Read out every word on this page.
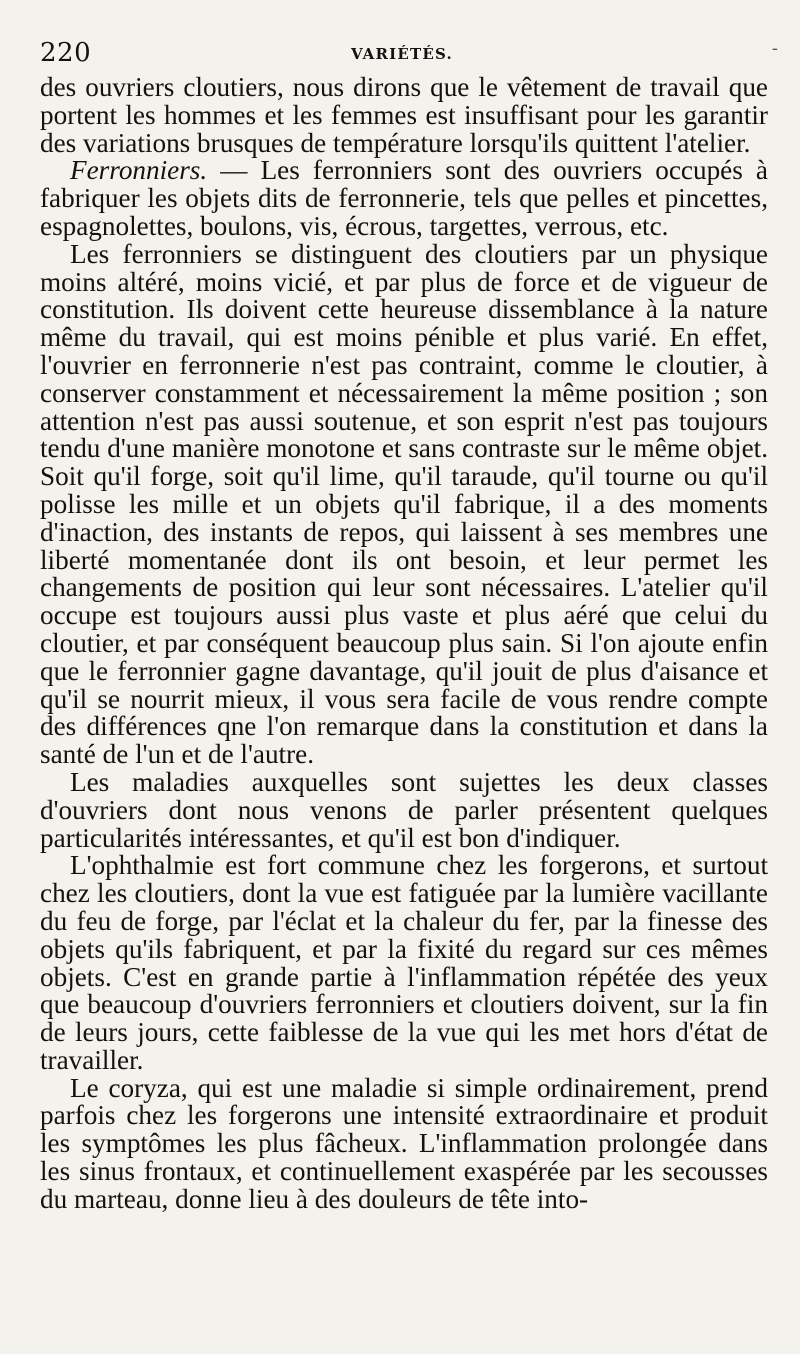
220	VARIÉTÉS.	-

des ouvriers cloutiers, nous dirons que le vêtement de travail que portent les hommes et les femmes est insuffisant pour les garantir des variations brusques de température lorsqu'ils quittent l'atelier.

Ferronniers. — Les ferronniers sont des ouvriers occupés à fabriquer les objets dits de ferronnerie, tels que pelles et pincettes, espagnolettes, boulons, vis, écrous, targettes, verrous, etc.

Les ferronniers se distinguent des cloutiers par un physique moins altéré, moins vicié, et par plus de force et de vigueur de constitution. Ils doivent cette heureuse dissemblance à la nature même du travail, qui est moins pénible et plus varié. En effet, l'ouvrier en ferronnerie n'est pas contraint, comme le cloutier, à conserver constamment et nécessairement la même position ; son attention n'est pas aussi soutenue, et son esprit n'est pas toujours tendu d'une manière monotone et sans contraste sur le même objet. Soit qu'il forge, soit qu'il lime, qu'il taraude, qu'il tourne ou qu'il polisse les mille et un objets qu'il fabrique, il a des moments d'inaction, des instants de repos, qui laissent à ses membres une liberté momentanée dont ils ont besoin, et leur permet les changements de position qui leur sont nécessaires. L'atelier qu'il occupe est toujours aussi plus vaste et plus aéré que celui du cloutier, et par conséquent beaucoup plus sain. Si l'on ajoute enfin que le ferronnier gagne davantage, qu'il jouit de plus d'aisance et qu'il se nourrit mieux, il vous sera facile de vous rendre compte des différences qne l'on remarque dans la constitution et dans la santé de l'un et de l'autre.

Les maladies auxquelles sont sujettes les deux classes d'ouvriers dont nous venons de parler présentent quelques particularités intéressantes, et qu'il est bon d'indiquer.

L'ophthalmie est fort commune chez les forgerons, et surtout chez les cloutiers, dont la vue est fatiguée par la lumière vacillante du feu de forge, par l'éclat et la chaleur du fer, par la finesse des objets qu'ils fabriquent, et par la fixité du regard sur ces mêmes objets. C'est en grande partie à l'inflammation répétée des yeux que beaucoup d'ouvriers ferronniers et cloutiers doivent, sur la fin de leurs jours, cette faiblesse de la vue qui les met hors d'état de travailler.

Le coryza, qui est une maladie si simple ordinairement, prend parfois chez les forgerons une intensité extraordinaire et produit les symptômes les plus fâcheux. L'inflammation prolongée dans les sinus frontaux, et continuellement exaspérée par les secousses du marteau, donne lieu à des douleurs de tête into-
